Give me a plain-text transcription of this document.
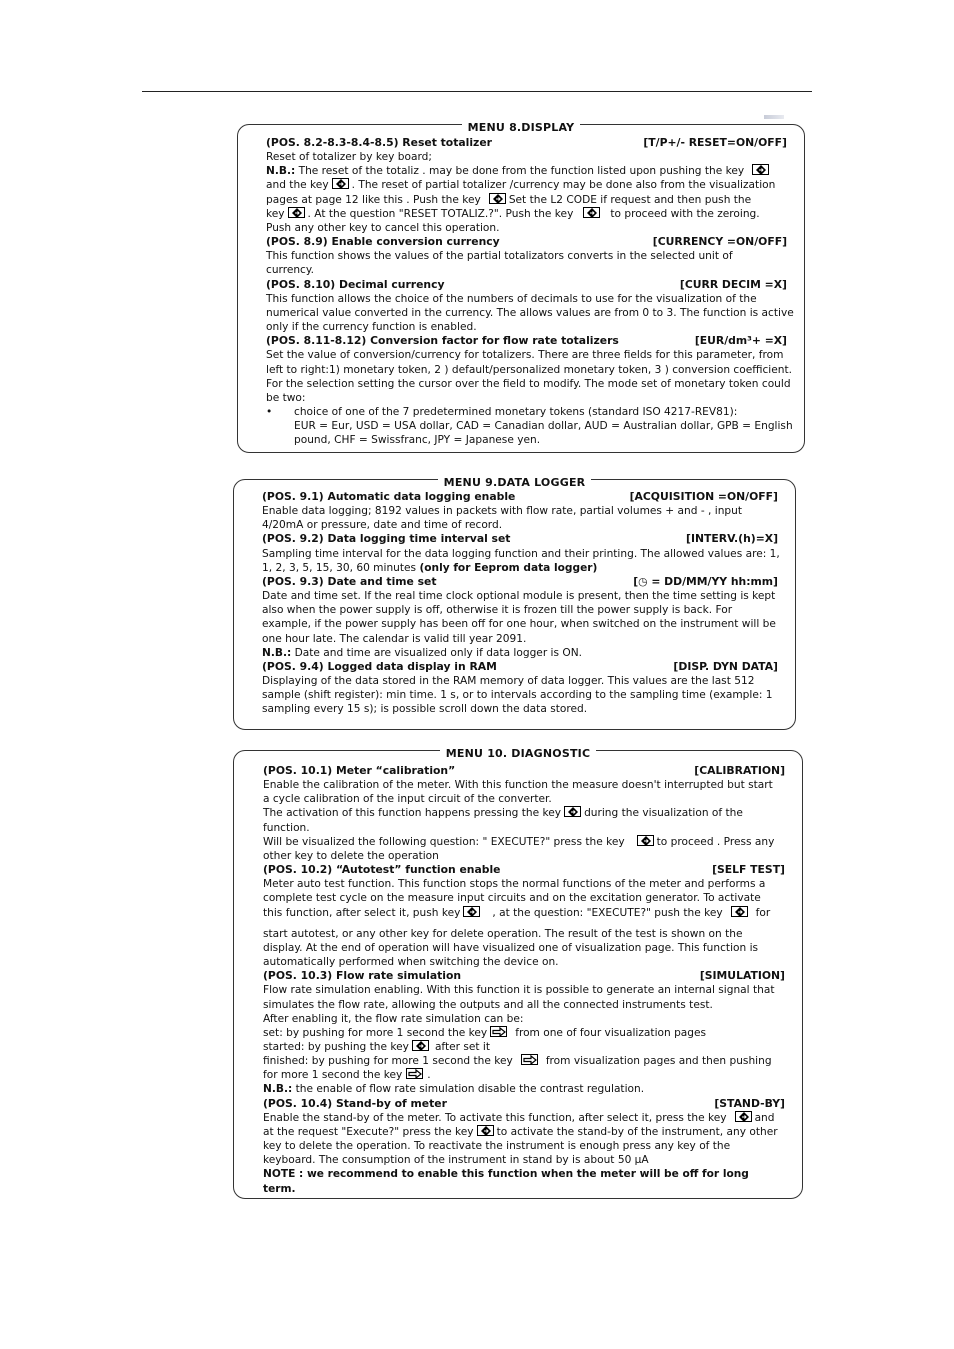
MENU 8.DISPLAY
(POS. 8.2-8.3-8.4-8.5) Reset totalizer	[T/P+/- RESET=ON/OFF]
Reset of totalizer by key board;
N.B.: The reset of the totaliz . may be done from the function listed upon pushing the key
and the key . The reset of partial totalizer /currency may be done also from the visualization
pages at page 12 like this . Push the key	Set the L2 CODE if request and then push the
key . At the question "RESET TOTALIZ.?". Push the key	to proceed with the zeroing.
Push any other key to cancel this operation.
(POS. 8.9) Enable conversion currency	[CURRENCY =ON/OFF]
This function shows the values of the partial totalizators converts in the selected unit of
currency.
(POS. 8.10) Decimal currency	[CURR DECIM =X]
This function allows the choice of the numbers of decimals to use for the visualization of the
numerical value converted in the currency. The allows values are from 0 to 3. The function is active
only if the currency function is enabled.
(POS. 8.11-8.12) Conversion factor for flow rate totalizers	[EUR/dm³+ =X]
Set the value of conversion/currency for totalizers. There are three fields for this parameter, from
left to right:1) monetary token, 2 ) default/personalized monetary token, 3 ) conversion coefficient.
For the selection setting the cursor over the field to modify. The mode set of monetary token could
be two:
•	choice of one of the 7 predetermined monetary tokens (standard ISO 4217-REV81):
EUR = Eur, USD = USA dollar, CAD = Canadian dollar, AUD = Australian dollar, GPB = English
pound, CHF = Swissfranc, JPY = Japanese yen.
MENU 9.DATA LOGGER
(POS. 9.1) Automatic data logging enable	[ACQUISITION =ON/OFF]
Enable data logging; 8192 values in packets with flow rate, partial volumes + and - , input
4/20mA or pressure, date and time of record.
(POS. 9.2) Data logging time interval set	[INTERV.(h)=X]
Sampling time interval for the data logging function and their printing. The allowed values are: 1,
1, 2, 3, 5, 15, 30, 60 minutes (only for Eeprom data logger)
(POS. 9.3) Date and time set	[◷ = DD/MM/YY hh:mm]
Date and time set. If the real time clock optional module is present, then the time setting is kept
also when the power supply is off, otherwise it is frozen till the power supply is back. For
example, if the power supply has been off for one hour, when switched on the instrument will be
one hour late. The calendar is valid till year 2091.
N.B.: Date and time are visualized only if data logger is ON.
(POS. 9.4) Logged data display in RAM	[DISP. DYN DATA]
Displaying of the data stored in the RAM memory of data logger. This values are the last 512
sample (shift register): min time. 1 s, or to intervals according to the sampling time (example: 1
sampling every 15 s); is possible scroll down the data stored.
MENU 10. DIAGNOSTIC
(POS. 10.1) Meter “calibration”	[CALIBRATION]
Enable the calibration of the meter. With this function the measure doesn't interrupted but start
a cycle calibration of the input circuit of the converter.
The activation of this function happens pressing the key during the visualization of the
function.
Will be visualized the following question: " EXECUTE?" press the key	to proceed . Press any
other key to delete the operation
(POS. 10.2) “Autotest” function enable	[SELF TEST]
Meter auto test function. This function stops the normal functions of the meter and performs a
complete test cycle on the measure input circuits and on the excitation generator. To activate
this function, after select it, push key	, at the question: "EXECUTE?" push the key	for
start autotest, or any other key for delete operation. The result of the test is shown on the
display. At the end of operation will have visualized one of visualization page. This function is
automatically performed when switching the device on.
(POS. 10.3) Flow rate simulation	[SIMULATION]
Flow rate simulation enabling. With this function it is possible to generate an internal signal that
simulates the flow rate, allowing the outputs and all the connected instruments test.
After enabling it, the flow rate simulation can be:
set: by pushing for more 1 second the key	from one of four visualization pages
started: by pushing the key after set it
finished: by pushing for more 1 second the key	from visualization pages and then pushing
for more 1 second the key .
N.B.: the enable of flow rate simulation disable the contrast regulation.
(POS. 10.4) Stand-by of meter	[STAND-BY]
Enable the stand-by of the meter. To activate this function, after select it, press the key	and
at the request "Execute?" press the key to activate the stand-by of the instrument, any other
key to delete the operation. To reactivate the instrument is enough press any key of the
keyboard. The consumption of the instrument in stand by is about 50 µA
NOTE : we recommend to enable this function when the meter will be off for long
term.
